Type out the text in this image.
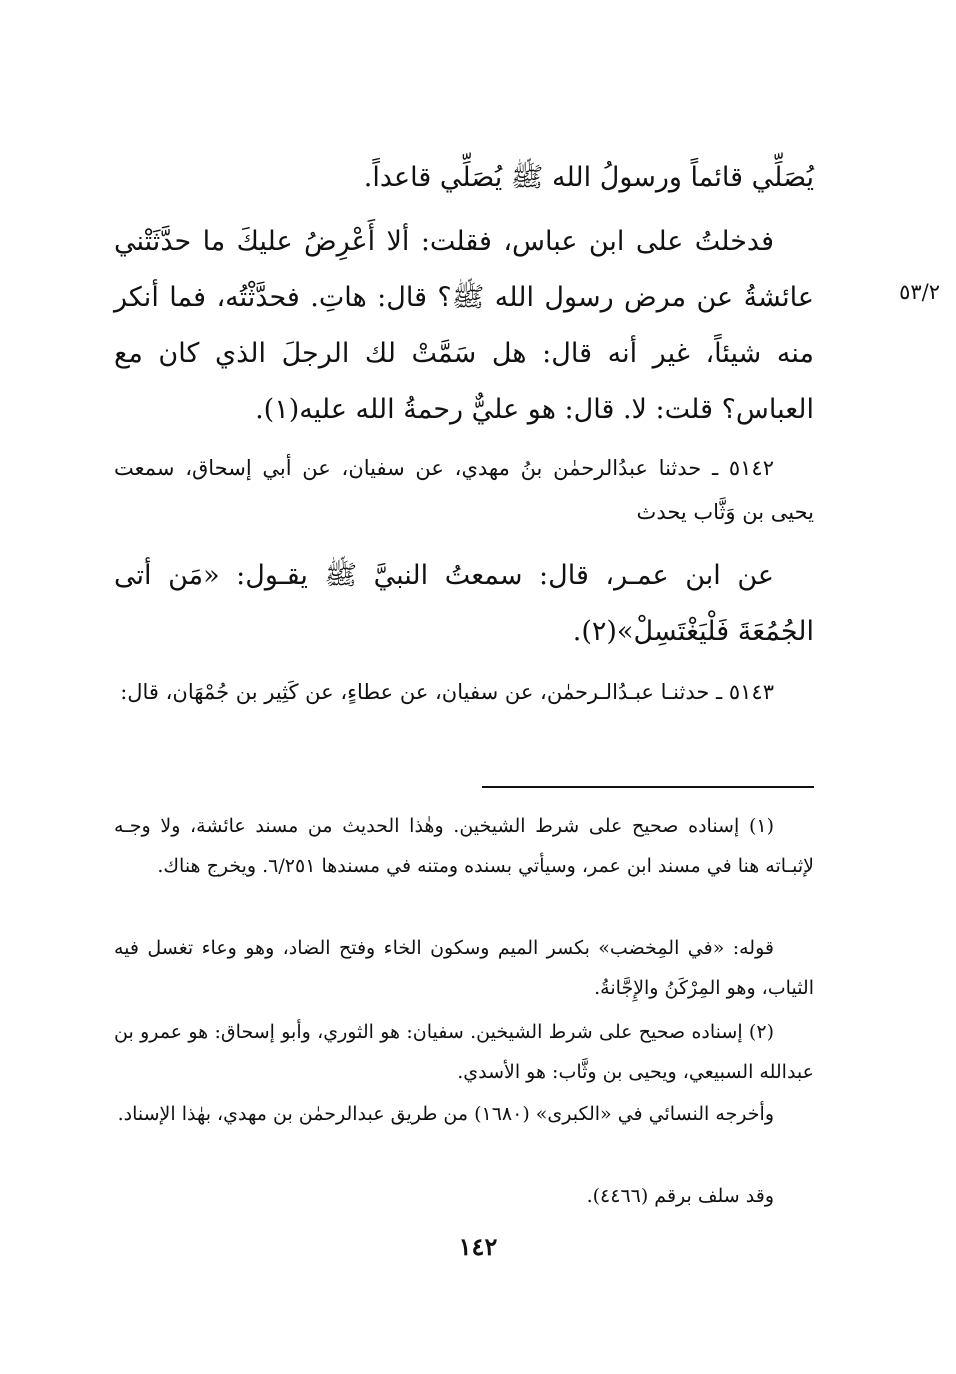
يُصَلِّي قائماً ورسولُ الله ﷺ يُصَلِّي قاعداً.

فدخلتُ على ابن عباس، فقلت: ألا أَعْرِضُ عليكَ ما حدَّثَتْني عائشةُ عن مرض رسول الله ﷺ؟ قال: هاتِ. فحدَّثْتُه، فما أنكر منه شيئاً، غير أنه قال: هل سَمَّتْ لك الرجلَ الذي كان مع العباس؟ قلت: لا. قال: هو عليٌّ رحمةُ الله عليه(١).

٥٣/٢

٥١٤٢ ـ حدثنا عبدُالرحمٰن بنُ مهدي، عن سفيان، عن أبي إسحاق، سمعت يحيى بن وَثَّاب يحدث

عن ابن عمـر، قال: سمعتُ النبيَّ ﷺ يقـول: «مَن أتى الجُمُعَةَ فَلْيَغْتَسِلْ»(٢).

٥١٤٣ ـ حدثنـا عبـدُالـرحمٰن، عن سفيان، عن عطاءٍ، عن كَثِير بن جُمْهَان، قال:

(١) إسناده صحيح على شرط الشيخين. وهٰذا الحديث من مسند عائشة، ولا وجـه لإثبـاته هنا في مسند ابن عمر، وسيأتي بسنده ومتنه في مسندها ٦/٢٥١. ويخرج هناك.

قوله: «في المِخضب» بكسر الميم وسكون الخاء وفتح الضاد، وهو وعاء تغسل فيه الثياب، وهو المِرْكَنُ والإِجَّانةُ.

(٢) إسناده صحيح على شرط الشيخين. سفيان: هو الثوري، وأبو إسحاق: هو عمرو بن عبدالله السبيعي، ويحيى بن وثَّاب: هو الأسدي.

وأخرجه النسائي في «الكبرى» (١٦٨٠) من طريق عبدالرحمٰن بن مهدي، بهٰذا الإسناد.

وقد سلف برقم (٤٤٦٦).

١٤٢
